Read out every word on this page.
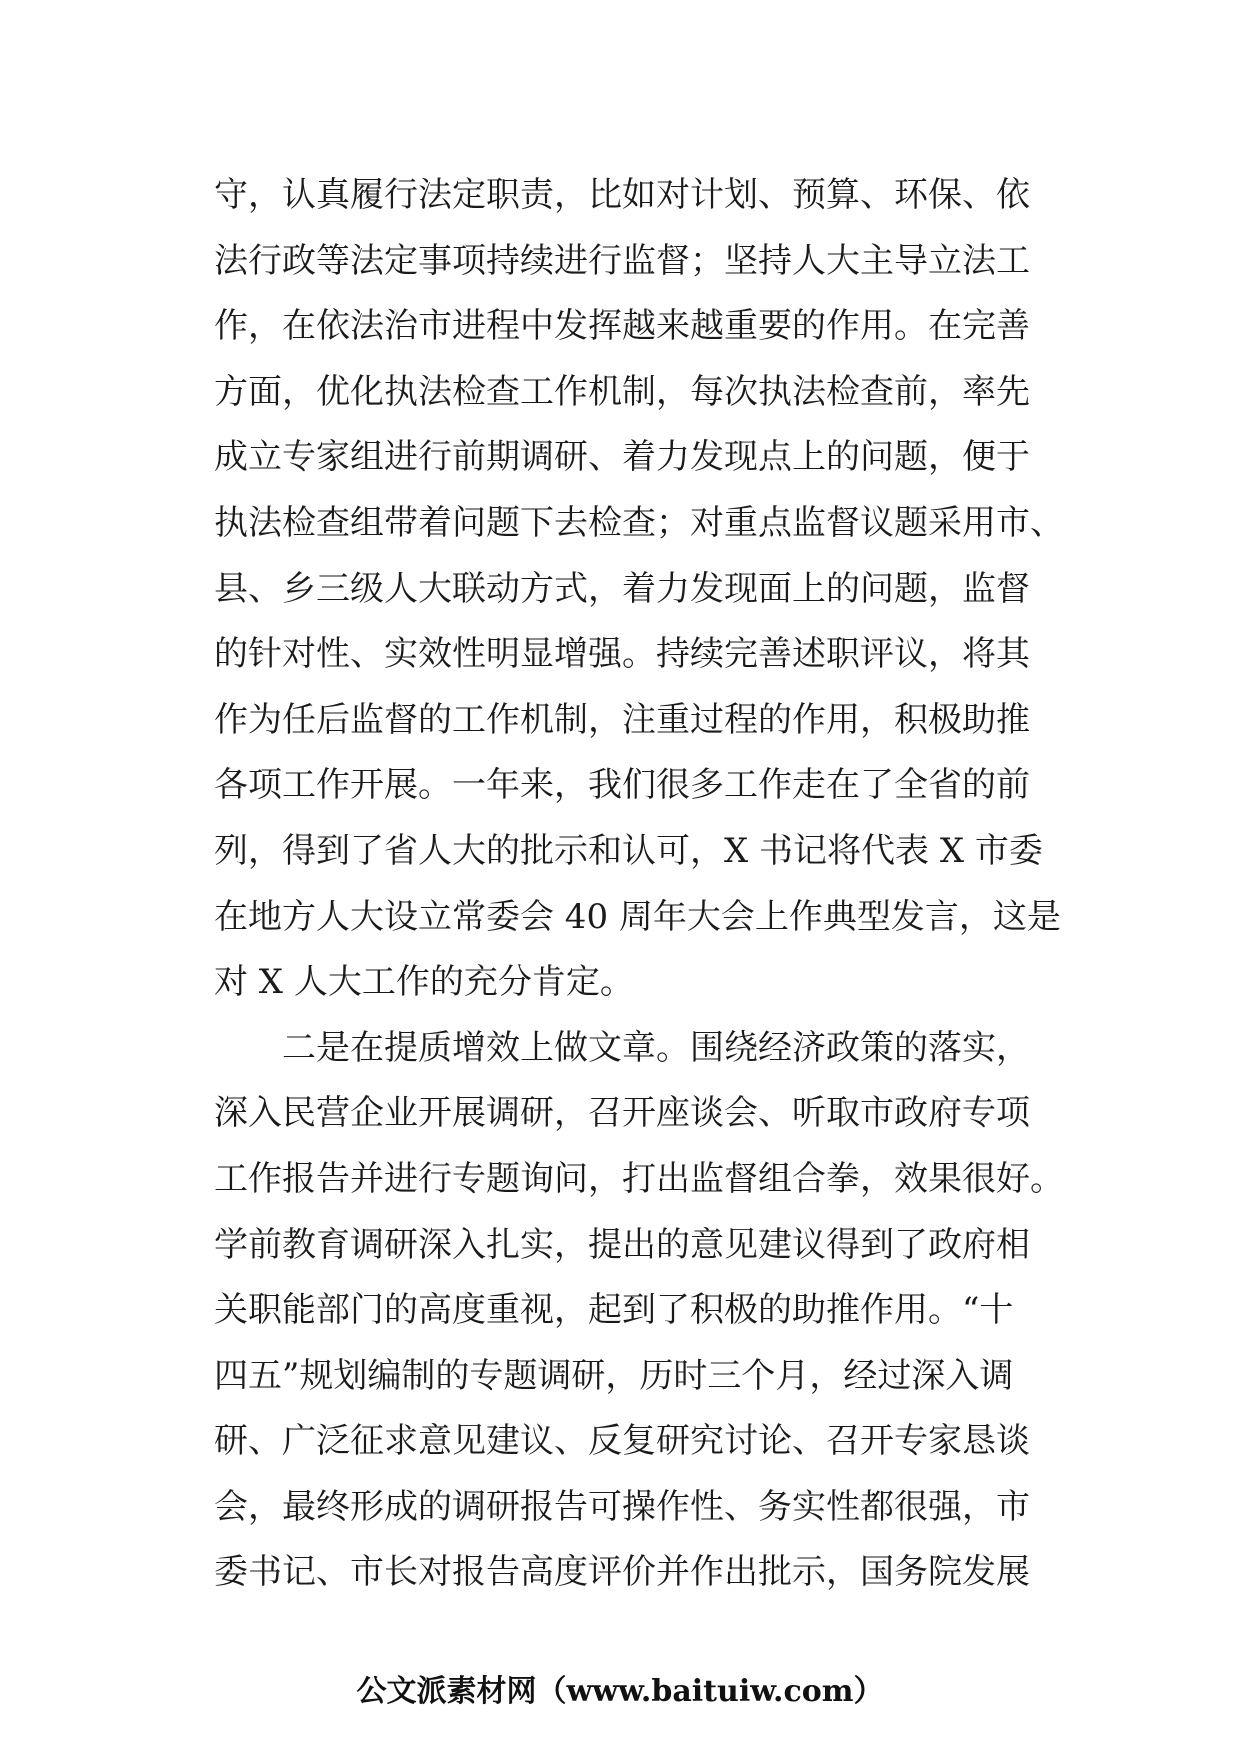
守，认真履行法定职责，比如对计划、预算、环保、依
法行政等法定事项持续进行监督；坚持人大主导立法工
作，在依法治市进程中发挥越来越重要的作用。在完善
方面，优化执法检查工作机制，每次执法检查前，率先
成立专家组进行前期调研、着力发现点上的问题，便于
执法检查组带着问题下去检查；对重点监督议题采用市、
县、乡三级人大联动方式，着力发现面上的问题，监督
的针对性、实效性明显增强。持续完善述职评议，将其
作为任后监督的工作机制，注重过程的作用，积极助推
各项工作开展。一年来，我们很多工作走在了全省的前
列，得到了省人大的批示和认可，X 书记将代表 X 市委
在地方人大设立常委会 40 周年大会上作典型发言，这是
对 X 人大工作的充分肯定。
二是在提质增效上做文章。围绕经济政策的落实，
深入民营企业开展调研，召开座谈会、听取市政府专项
工作报告并进行专题询问，打出监督组合拳，效果很好。
学前教育调研深入扎实，提出的意见建议得到了政府相
关职能部门的高度重视，起到了积极的助推作用。“十
四五”规划编制的专题调研，历时三个月，经过深入调
研、广泛征求意见建议、反复研究讨论、召开专家恳谈
会，最终形成的调研报告可操作性、务实性都很强，市
委书记、市长对报告高度评价并作出批示，国务院发展
公文派素材网（www.baituiw.com）
